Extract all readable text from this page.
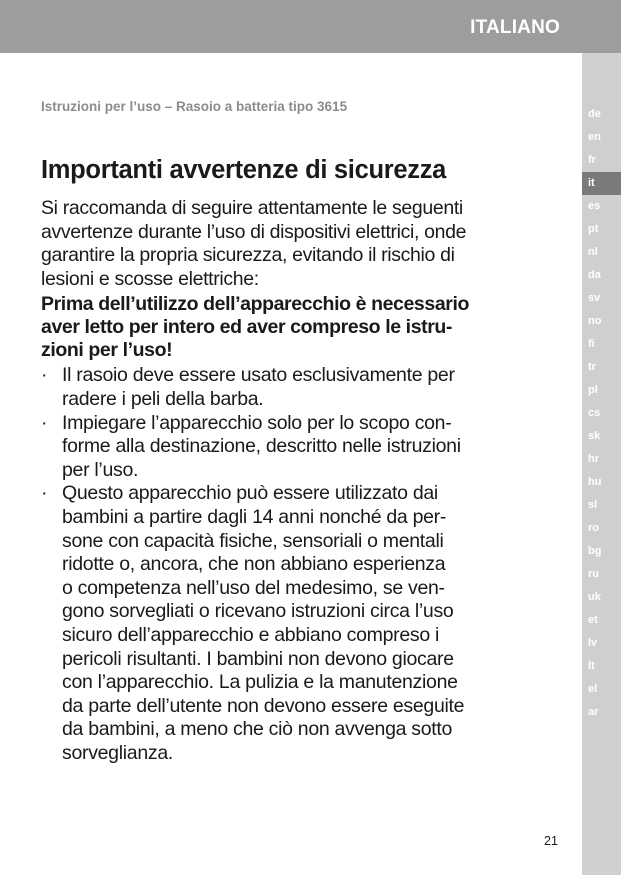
ITALIANO
de
en
fr
it
es
pt
nl
da
sv
no
fi
tr
pl
cs
sk
hr
hu
sl
ro
bg
ru
uk
et
lv
lt
el
ar
Istruzioni per l’uso – Rasoio a batteria tipo 3615
Importanti avvertenze di sicurezza

Si raccomanda di seguire attentamente le seguenti
avvertenze durante l’uso di dispositivi elettrici, onde
garantire la propria sicurezza, evitando il rischio di
lesioni e scosse elettriche:

Prima dell’utilizzo dell’apparecchio è necessario
aver letto per intero ed aver compreso le istru-
zioni per l’uso!

· Il rasoio deve essere usato esclusivamente per
radere i peli della barba.
· Impiegare l’apparecchio solo per lo scopo con-
forme alla destinazione, descritto nelle istruzioni
per l’uso.
· Questo apparecchio può essere utilizzato dai
bambini a partire dagli 14 anni nonché da per-
sone con capacità fisiche, sensoriali o mentali
ridotte o, ancora, che non abbiano esperienza
o competenza nell’uso del medesimo, se ven-
gono sorvegliati o ricevano istruzioni circa l’uso
sicuro dell’apparecchio e abbiano compreso i
pericoli risultanti. I bambini non devono giocare
con l’apparecchio. La pulizia e la manutenzione
da parte dell’utente non devono essere eseguite
da bambini, a meno che ciò non avvenga sotto
sorveglianza.
21
